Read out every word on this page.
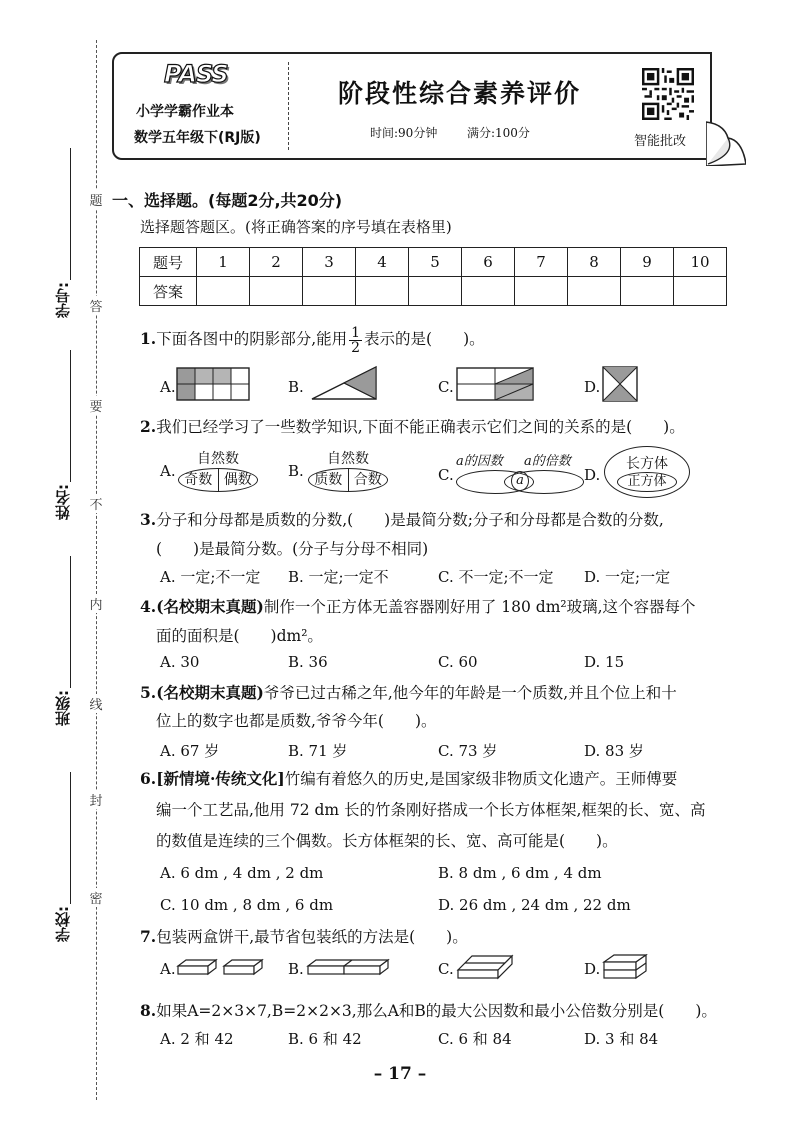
学号:
姓名:
班级:
学校:
题
答
要
不
内
线
封
密
PASS
小学学霸作业本
数学五年级下(RJ版)
阶段性综合素养评价
时间:90分钟 满分:100分
智能批改
一、选择题。(每题2分,共20分)
选择题答题区。(将正确答案的序号填在表格里)
题号	1	2	3	4	5	6	7	8	9	10
答案										
1.下面各图中的阴影部分,能用 $\frac{1}{2}$ 表示的是(　　)。
A.	B.	C.	D.
2.我们已经学习了一些数学知识,下面不能正确表示它们之间的关系的是(　　)。
A.
自然数
奇数 偶数	B.
自然数
质数 合数	C.
a的因数 a的倍数
a	D.
长方体
正方体
3.分子和分母都是质数的分数,(　　)是最简分数;分子和分母都是合数的分数,
(　　)是最简分数。(分子与分母不相同)
A. 一定;不一定 B. 一定;一定不	C. 不一定;不一定 D. 一定;一定
4.(名校期末真题)制作一个正方体无盖容器刚好用了 180 dm²玻璃,这个容器每个
面的面积是(　　)dm²。
A. 30	B. 36	C. 60	D. 15
5.(名校期末真题)爷爷已过古稀之年,他今年的年龄是一个质数,并且个位上和十
位上的数字也都是质数,爷爷今年(　　)。
A. 67 岁	B. 71 岁	C. 73 岁	D. 83 岁
6.[新情境·传统文化]竹编有着悠久的历史,是国家级非物质文化遗产。王师傅要
编一个工艺品,他用 72 dm 长的竹条刚好搭成一个长方体框架,框架的长、宽、高
的数值是连续的三个偶数。长方体框架的长、宽、高可能是(　　)。
A. 6 dm , 4 dm , 2 dm	B. 8 dm , 6 dm , 4 dm
C. 10 dm , 8 dm , 6 dm	D. 26 dm , 24 dm , 22 dm
7.包装两盒饼干,最节省包装纸的方法是(　　)。
A.	B.	C.	D.
8.如果A=2×3×7,B=2×2×3,那么A和B的最大公因数和最小公倍数分别是(　　)。
A. 2 和 42	B. 6 和 42	C. 6 和 84	D. 3 和 84
– 17 –
